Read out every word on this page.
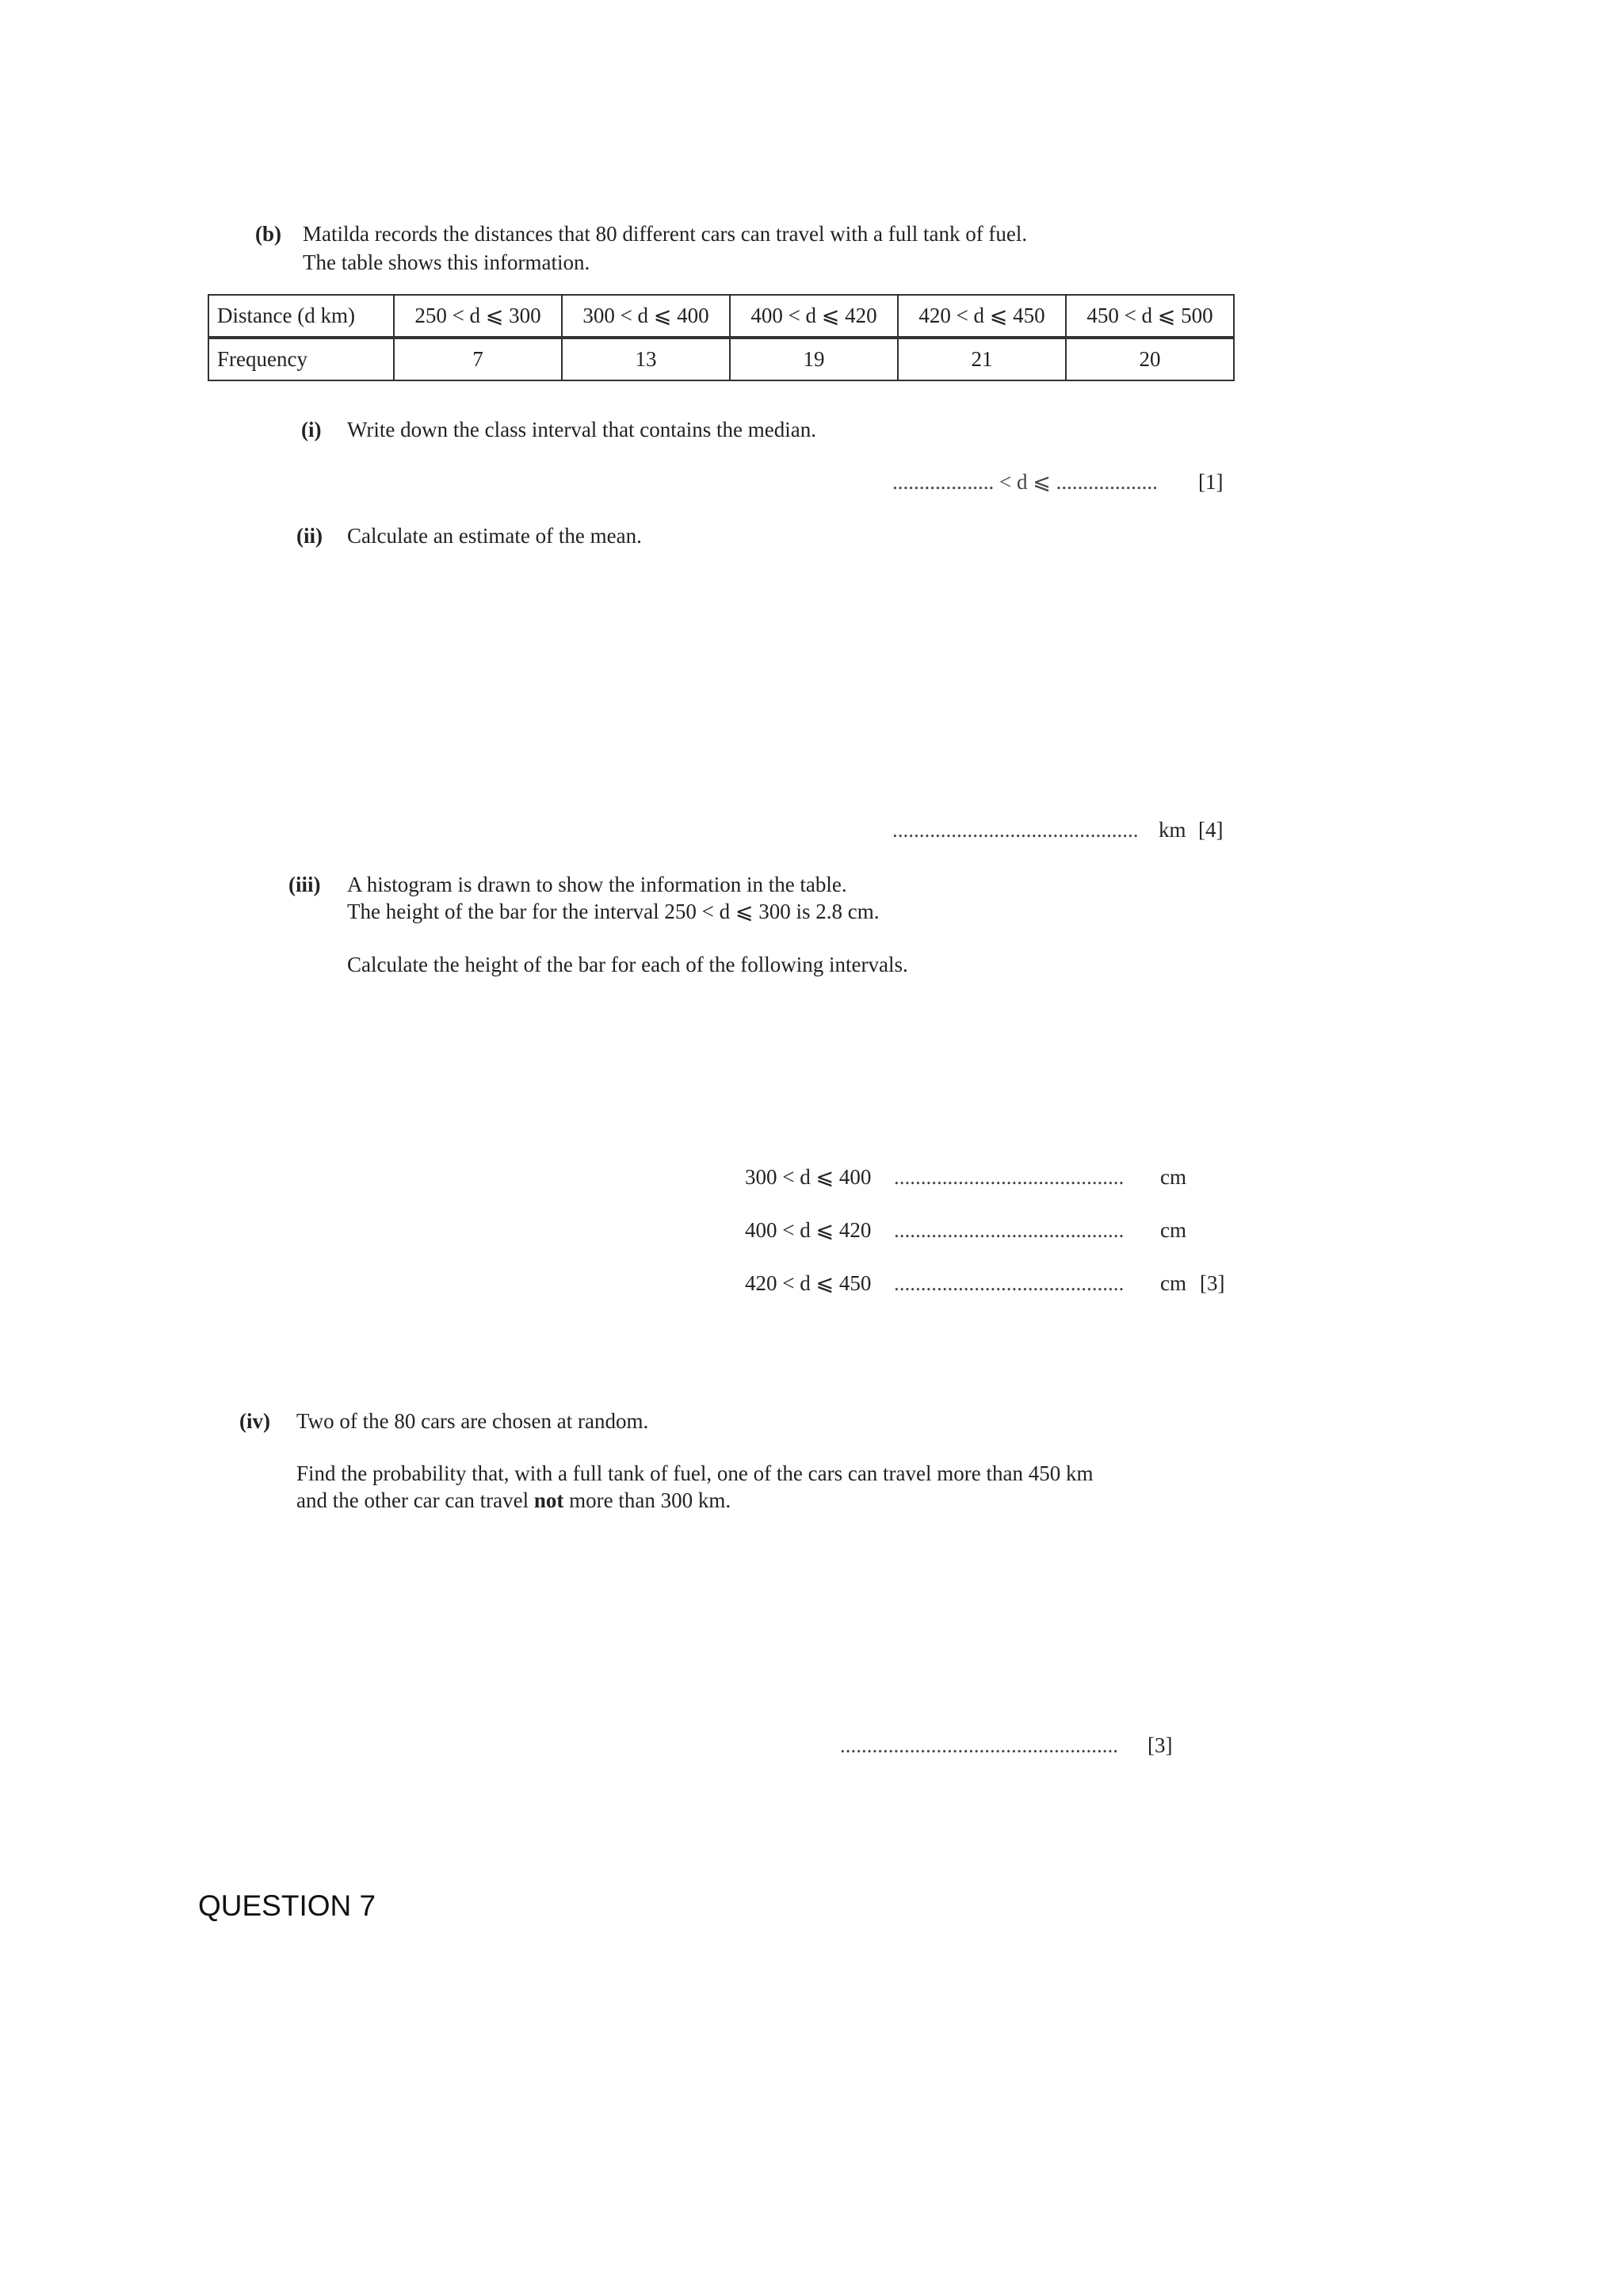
(b) Matilda records the distances that 80 different cars can travel with a full tank of fuel.
The table shows this information.
Distance (d km)	250 < d ⩽ 300	300 < d ⩽ 400	400 < d ⩽ 420	420 < d ⩽ 450	450 < d ⩽ 500
Frequency	7	13	19	21	20
(i) Write down the class interval that contains the median.
................... < d ⩽ ................... [1]
(ii) Calculate an estimate of the mean.
.............................................. km [4]
(iii) A histogram is drawn to show the information in the table.
The height of the bar for the interval 250 < d ⩽ 300 is 2.8 cm.
Calculate the height of the bar for each of the following intervals.
300 < d ⩽ 400 ........................................... cm
400 < d ⩽ 420 ........................................... cm
420 < d ⩽ 450 ........................................... cm [3]
(iv) Two of the 80 cars are chosen at random.
Find the probability that, with a full tank of fuel, one of the cars can travel more than 450 km
and the other car can travel not more than 300 km.
.................................................... [3]
QUESTION 7
